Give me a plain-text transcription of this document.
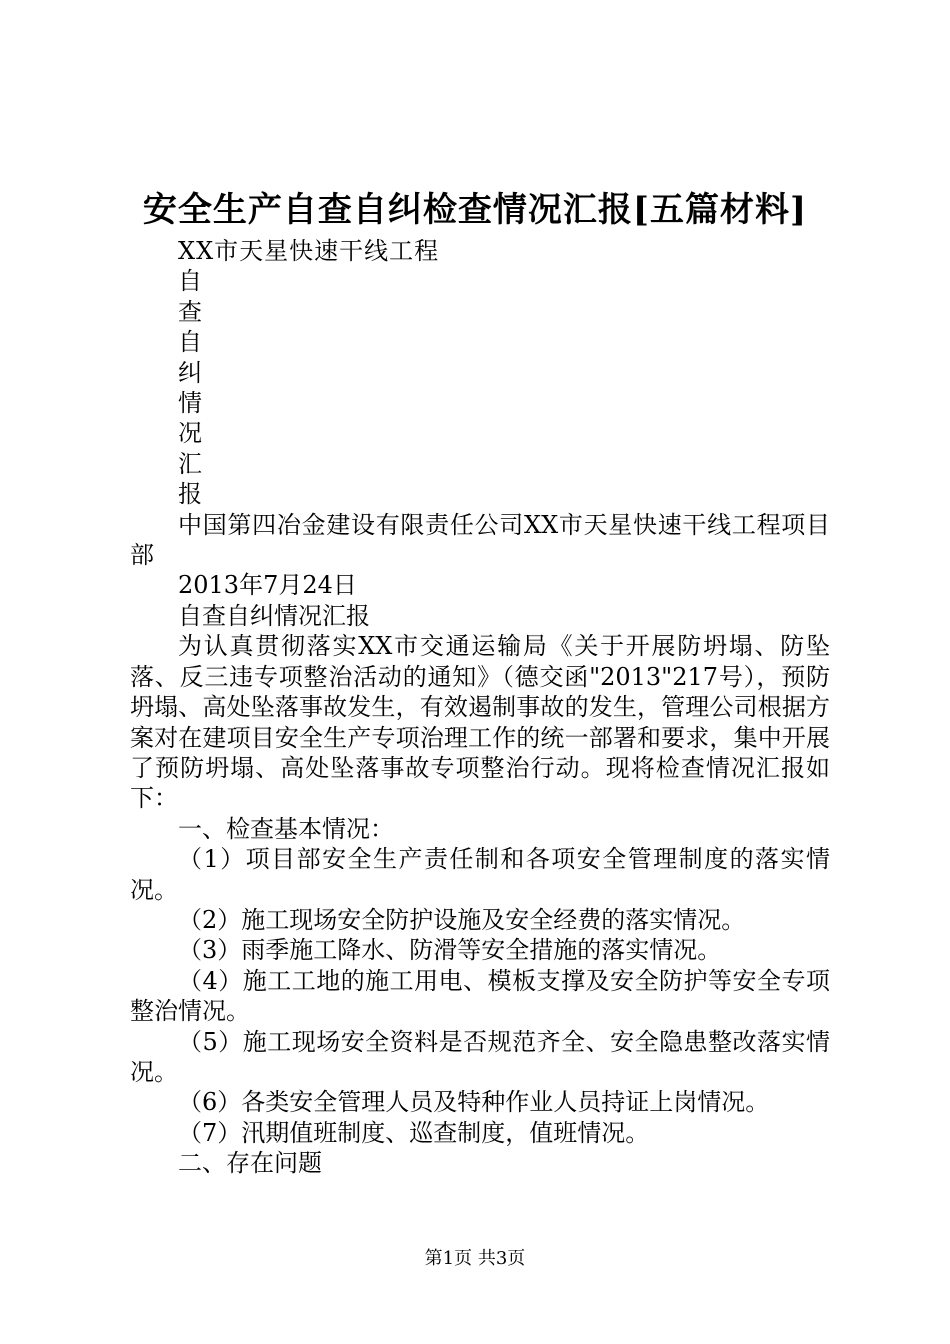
安全生产自查自纠检查情况汇报[五篇材料]

XX市天星快速干线工程

自

查

自

纠

情

况

汇

报

中国第四冶金建设有限责任公司XX市天星快速干线工程项目部

2013年7月24日

自查自纠情况汇报

为认真贯彻落实XX市交通运输局《关于开展防坍塌、防坠落、反三违专项整治活动的通知》（德交函"2013"217号），预防坍塌、高处坠落事故发生，有效遏制事故的发生，管理公司根据方案对在建项目安全生产专项治理工作的统一部署和要求，集中开展了预防坍塌、高处坠落事故专项整治行动。现将检查情况汇报如下：

一、检查基本情况：

（1）项目部安全生产责任制和各项安全管理制度的落实情况。

（2）施工现场安全防护设施及安全经费的落实情况。

（3）雨季施工降水、防滑等安全措施的落实情况。

（4）施工工地的施工用电、模板支撑及安全防护等安全专项整治情况。

（5）施工现场安全资料是否规范齐全、安全隐患整改落实情况。

（6）各类安全管理人员及特种作业人员持证上岗情况。

（7）汛期值班制度、巡查制度，值班情况。

二、存在问题

第1页 共3页
